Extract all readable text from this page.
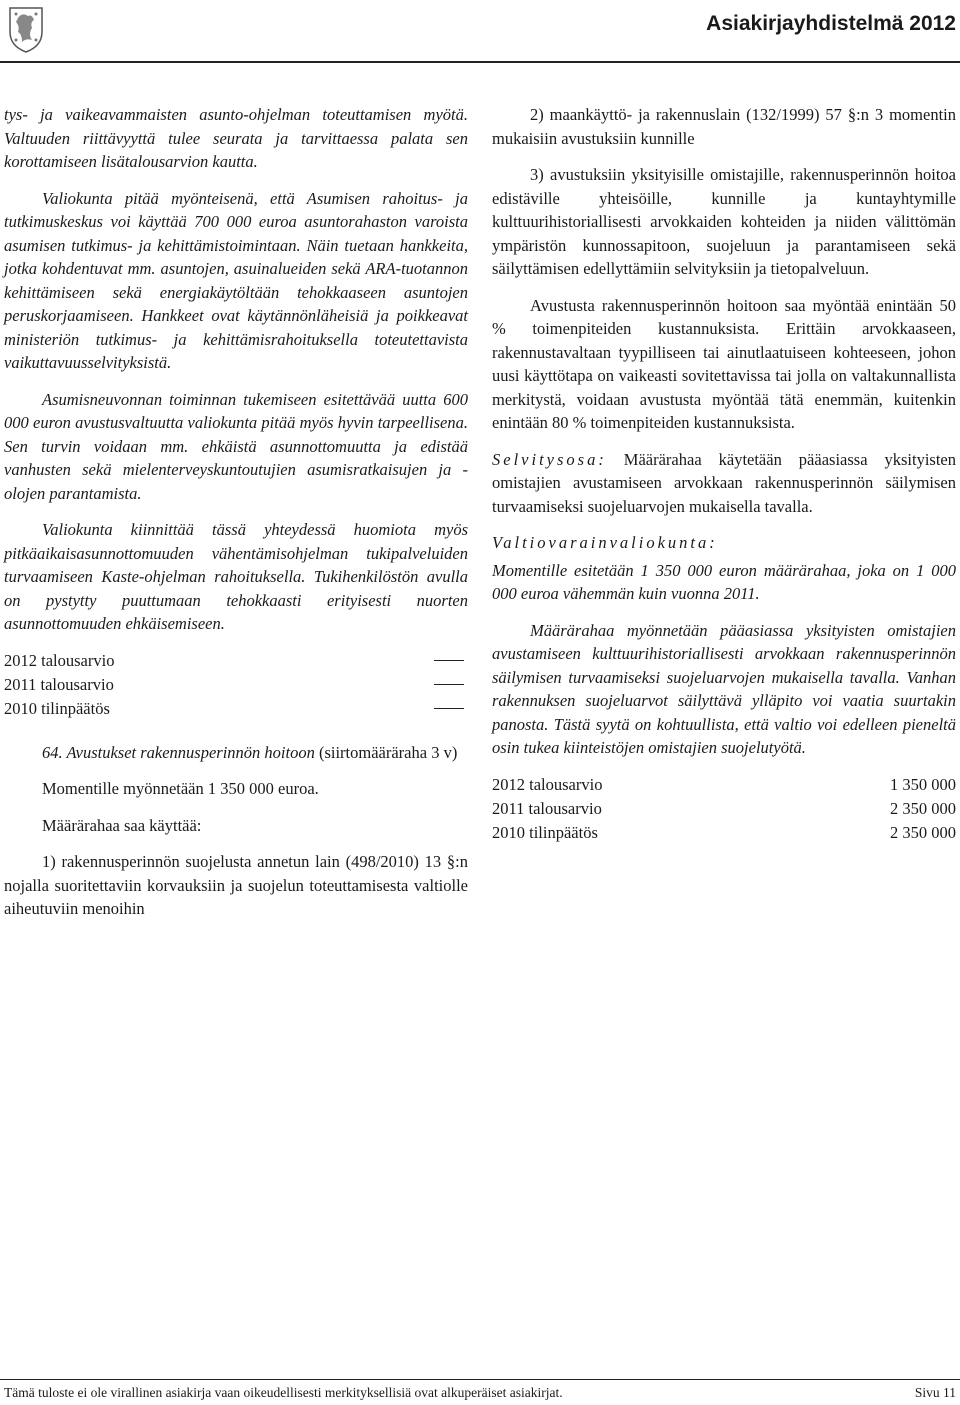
Asiakirjayhdistelmä 2012

tys- ja vaikeavammaisten asunto-ohjelman toteuttamisen myötä. Valtuuden riittävyyttä tulee seurata ja tarvittaessa palata sen korottamiseen lisätalousarvion kautta.

Valiokunta pitää myönteisenä, että Asumisen rahoitus- ja tutkimuskeskus voi käyttää 700 000 euroa asuntorahaston varoista asumisen tutkimus- ja kehittämistoimintaan. Näin tuetaan hankkeita, jotka kohdentuvat mm. asuntojen, asuinalueiden sekä ARA-tuotannon kehittämiseen sekä energiakäytöltään tehokkaaseen asuntojen peruskorjaamiseen. Hankkeet ovat käytännönläheisiä ja poikkeavat ministeriön tutkimus- ja kehittämisrahoituksella toteutettavista vaikuttavuusselvityksistä.

Asumisneuvonnan toiminnan tukemiseen esitettävää uutta 600 000 euron avustusvaltuutta valiokunta pitää myös hyvin tarpeellisena. Sen turvin voidaan mm. ehkäistä asunnottomuutta ja edistää vanhusten sekä mielenterveyskuntoutujien asumisratkaisujen ja -olojen parantamista.

Valiokunta kiinnittää tässä yhteydessä huomiota myös pitkäaikaisasunnottomuuden vähentämisohjelman tukipalveluiden turvaamiseen Kaste-ohjelman rahoituksella. Tukihenkilöstön avulla on pystytty puuttumaan tehokkaasti erityisesti nuorten asunnottomuuden ehkäisemiseen.

2012 talousarvio
2011 talousarvio
2010 tilinpäätös

64. Avustukset rakennusperinnön hoitoon (siirtomääräraha 3 v)

Momentille myönnetään 1 350 000 euroa.

Määrärahaa saa käyttää:

1) rakennusperinnön suojelusta annetun lain (498/2010) 13 §:n nojalla suoritettaviin korvauksiin ja suojelun toteuttamisesta valtiolle aiheutuviin menoihin

2) maankäyttö- ja rakennuslain (132/1999) 57 §:n 3 momentin mukaisiin avustuksiin kunnille

3) avustuksiin yksityisille omistajille, rakennusperinnön hoitoa edistäville yhteisöille, kunnille ja kuntayhtymille kulttuurihistoriallisesti arvokkaiden kohteiden ja niiden välittömän ympäristön kunnossapitoon, suojeluun ja parantamiseen sekä säilyttämisen edellyttämiin selvityksiin ja tietopalveluun.

Avustusta rakennusperinnön hoitoon saa myöntää enintään 50 % toimenpiteiden kustannuksista. Erittäin arvokkaaseen, rakennustavaltaan tyypilliseen tai ainutlaatuiseen kohteeseen, johon uusi käyttötapa on vaikeasti sovitettavissa tai jolla on valtakunnallista merkitystä, voidaan avustusta myöntää tätä enemmän, kuitenkin enintään 80 % toimenpiteiden kustannuksista.

Selvitysosa: Määrärahaa käytetään pääasiassa yksityisten omistajien avustamiseen arvokkaan rakennusperinnön säilymisen turvaamiseksi suojeluarvojen mukaisella tavalla.

Valtiovarainvaliokunta:

Momentille esitetään 1 350 000 euron määrärahaa, joka on 1 000 000 euroa vähemmän kuin vuonna 2011.

Määrärahaa myönnetään pääasiassa yksityisten omistajien avustamiseen kulttuurihistoriallisesti arvokkaan rakennusperinnön säilymisen turvaamiseksi suojeluarvojen mukaisella tavalla. Vanhan rakennuksen suojeluarvot säilyttävä ylläpito voi vaatia suurtakin panosta. Tästä syytä on kohtuullista, että valtio voi edelleen pieneltä osin tukea kiinteistöjen omistajien suojelutyötä.

2012 talousarvio	1 350 000
2011 talousarvio	2 350 000
2010 tilinpäätös	2 350 000
Tämä tuloste ei ole virallinen asiakirja vaan oikeudellisesti merkityksellisiä ovat alkuperäiset asiakirjat.	Sivu 11
